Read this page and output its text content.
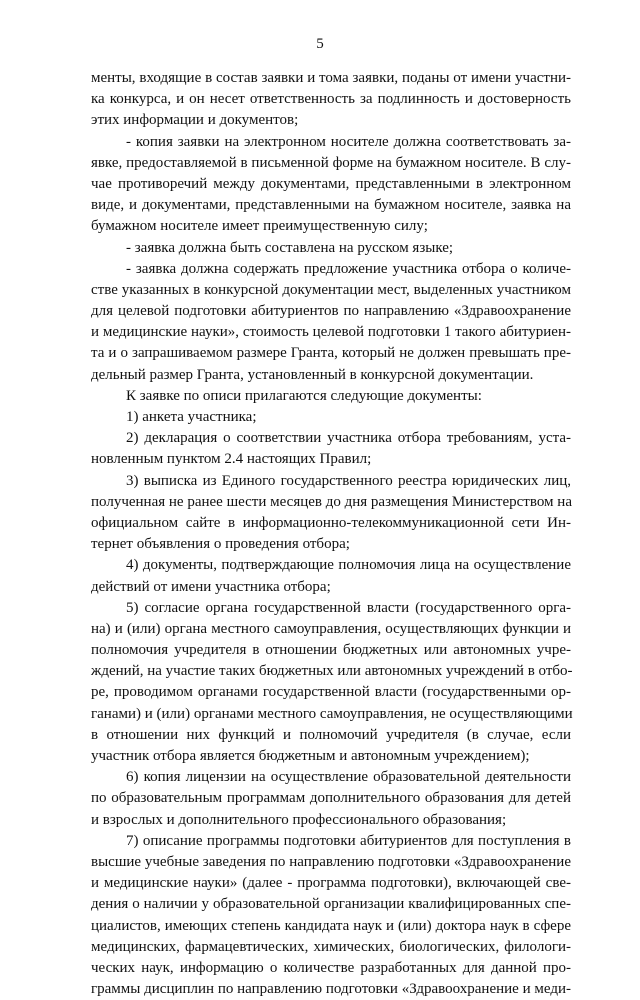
5
менты, входящие в состав заявки и тома заявки, поданы от имени участни-
ка конкурса, и он несет ответственность за подлинность и достоверность
этих информации и документов;
- копия заявки на электронном носителе должна соответствовать за-
явке, предоставляемой в письменной форме на бумажном носителе. В слу-
чае противоречий между документами, представленными в электронном
виде, и документами, представленными на бумажном носителе, заявка на
бумажном носителе имеет преимущественную силу;
- заявка должна быть составлена на русском языке;
- заявка должна содержать предложение участника отбора о количе-
стве указанных в конкурсной документации мест, выделенных участником
для целевой подготовки абитуриентов по направлению «Здравоохранение
и медицинские науки», стоимость целевой подготовки 1 такого абитуриен-
та и о запрашиваемом размере Гранта, который не должен превышать пре-
дельный размер Гранта, установленный в конкурсной документации.
К заявке по описи прилагаются следующие документы:
1) анкета участника;
2) декларация о соответствии участника отбора требованиям, уста-
новленным пунктом 2.4 настоящих Правил;
3) выписка из Единого государственного реестра юридических лиц,
полученная не ранее шести месяцев до дня размещения Министерством на
официальном сайте в информационно-телекоммуникационной сети Ин-
тернет объявления о проведения отбора;
4) документы, подтверждающие полномочия лица на осуществление
действий от имени участника отбора;
5) согласие органа государственной власти (государственного орга-
на) и (или) органа местного самоуправления, осуществляющих функции и
полномочия учредителя в отношении бюджетных или автономных учре-
ждений, на участие таких бюджетных или автономных учреждений в отбо-
ре, проводимом органами государственной власти (государственными ор-
ганами) и (или) органами местного самоуправления, не осуществляющими
в отношении них функций и полномочий учредителя (в случае, если
участник отбора является бюджетным и автономным учреждением);
6) копия лицензии на осуществление образовательной деятельности
по образовательным программам дополнительного образования для детей
и взрослых и дополнительного профессионального образования;
7) описание программы подготовки абитуриентов для поступления в
высшие учебные заведения по направлению подготовки «Здравоохранение
и медицинские науки» (далее - программа подготовки), включающей све-
дения о наличии у образовательной организации квалифицированных спе-
циалистов, имеющих степень кандидата наук и (или) доктора наук в сфере
медицинских, фармацевтических, химических, биологических, филологи-
ческих наук, информацию о количестве разработанных для данной про-
граммы дисциплин по направлению подготовки «Здравоохранение и меди-
